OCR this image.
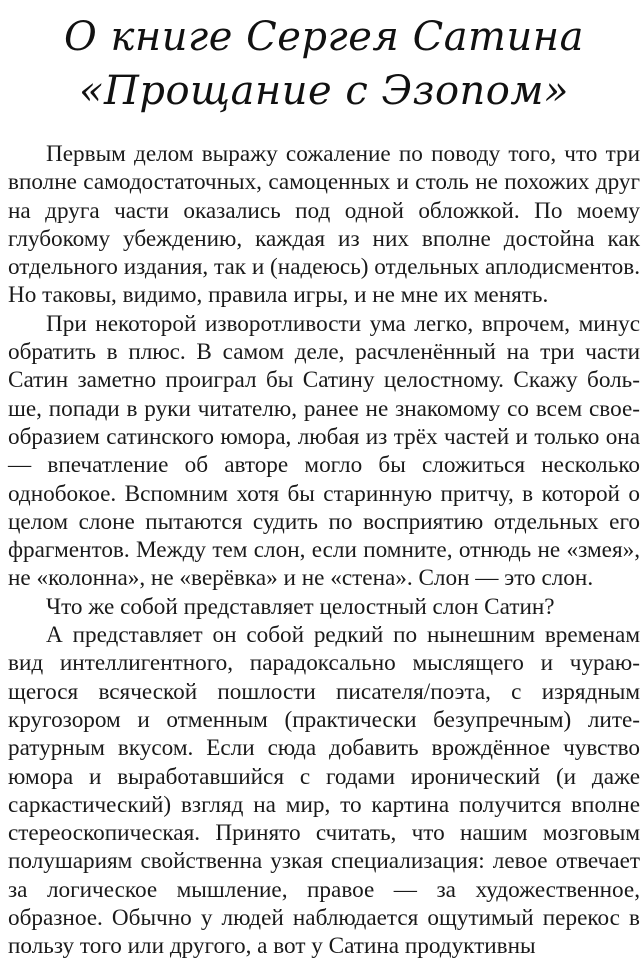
О книге Сергея Сатина
«Прощание с Эзопом»

Первым делом выражу сожаление по поводу того, что три вполне самодостаточных, самоценных и столь не похожих друг на друга части оказались под одной обложкой. По моему глубокому убеждению, каждая из них вполне достойна как отдельного издания, так и (надеюсь) отдельных аплодисментов. Но таковы, видимо, правила игры, и не мне их менять.

При некоторой изворотливости ума легко, впрочем, минус обратить в плюс. В самом деле, расчленённый на три части Сатин заметно проиграл бы Сатину целостному. Скажу больше, попади в руки читателю, ранее не знакомому со всем своеобразием сатинского юмора, любая из трёх частей и только она — впечатление об авторе могло бы сложиться несколько однобокое. Вспомним хотя бы старинную притчу, в которой о целом слоне пытаются судить по восприятию отдельных его фрагментов. Между тем слон, если помните, отнюдь не «змея», не «колонна», не «верёвка» и не «стена». Слон — это слон.

Что же собой представляет целостный слон Сатин?

А представляет он собой редкий по нынешним временам вид интеллигентного, парадоксально мыслящего и чурающегося всяческой пошлости писателя/поэта, с изрядным кругозором и отменным (практически безупречным) литературным вкусом. Если сюда добавить врождённое чувство юмора и выработавшийся с годами иронический (и даже саркастический) взгляд на мир, то картина получится вполне стереоскопическая. Принято считать, что нашим мозговым полушариям свойственна узкая специализация: левое отвечает за логическое мышление, правое — за художественное, образное. Обычно у людей наблюдается ощутимый перекос в пользу того или другого, а вот у Сатина продуктивны
